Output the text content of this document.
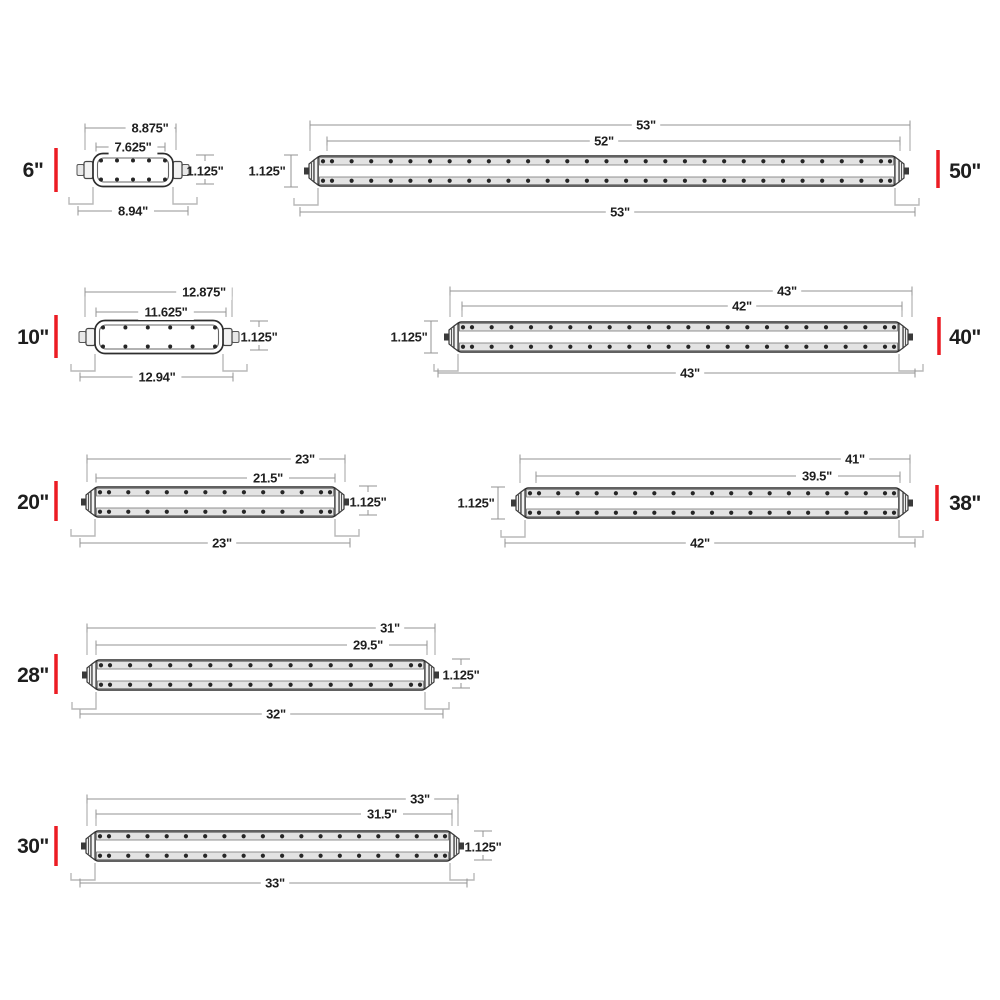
6"
8.875"
7.625"
8.94"
1.125"	50"
53"
52"
53"
1.125"
10"
12.875"
11.625"
12.94"
1.125"	40"
43"
42"
43"
1.125"
20"
23"
21.5"
23"
1.125"	38"
41"
39.5"
42"
1.125"
28"
31"
29.5"
32"
1.125"
30"
33"
31.5"
33"
1.125"
